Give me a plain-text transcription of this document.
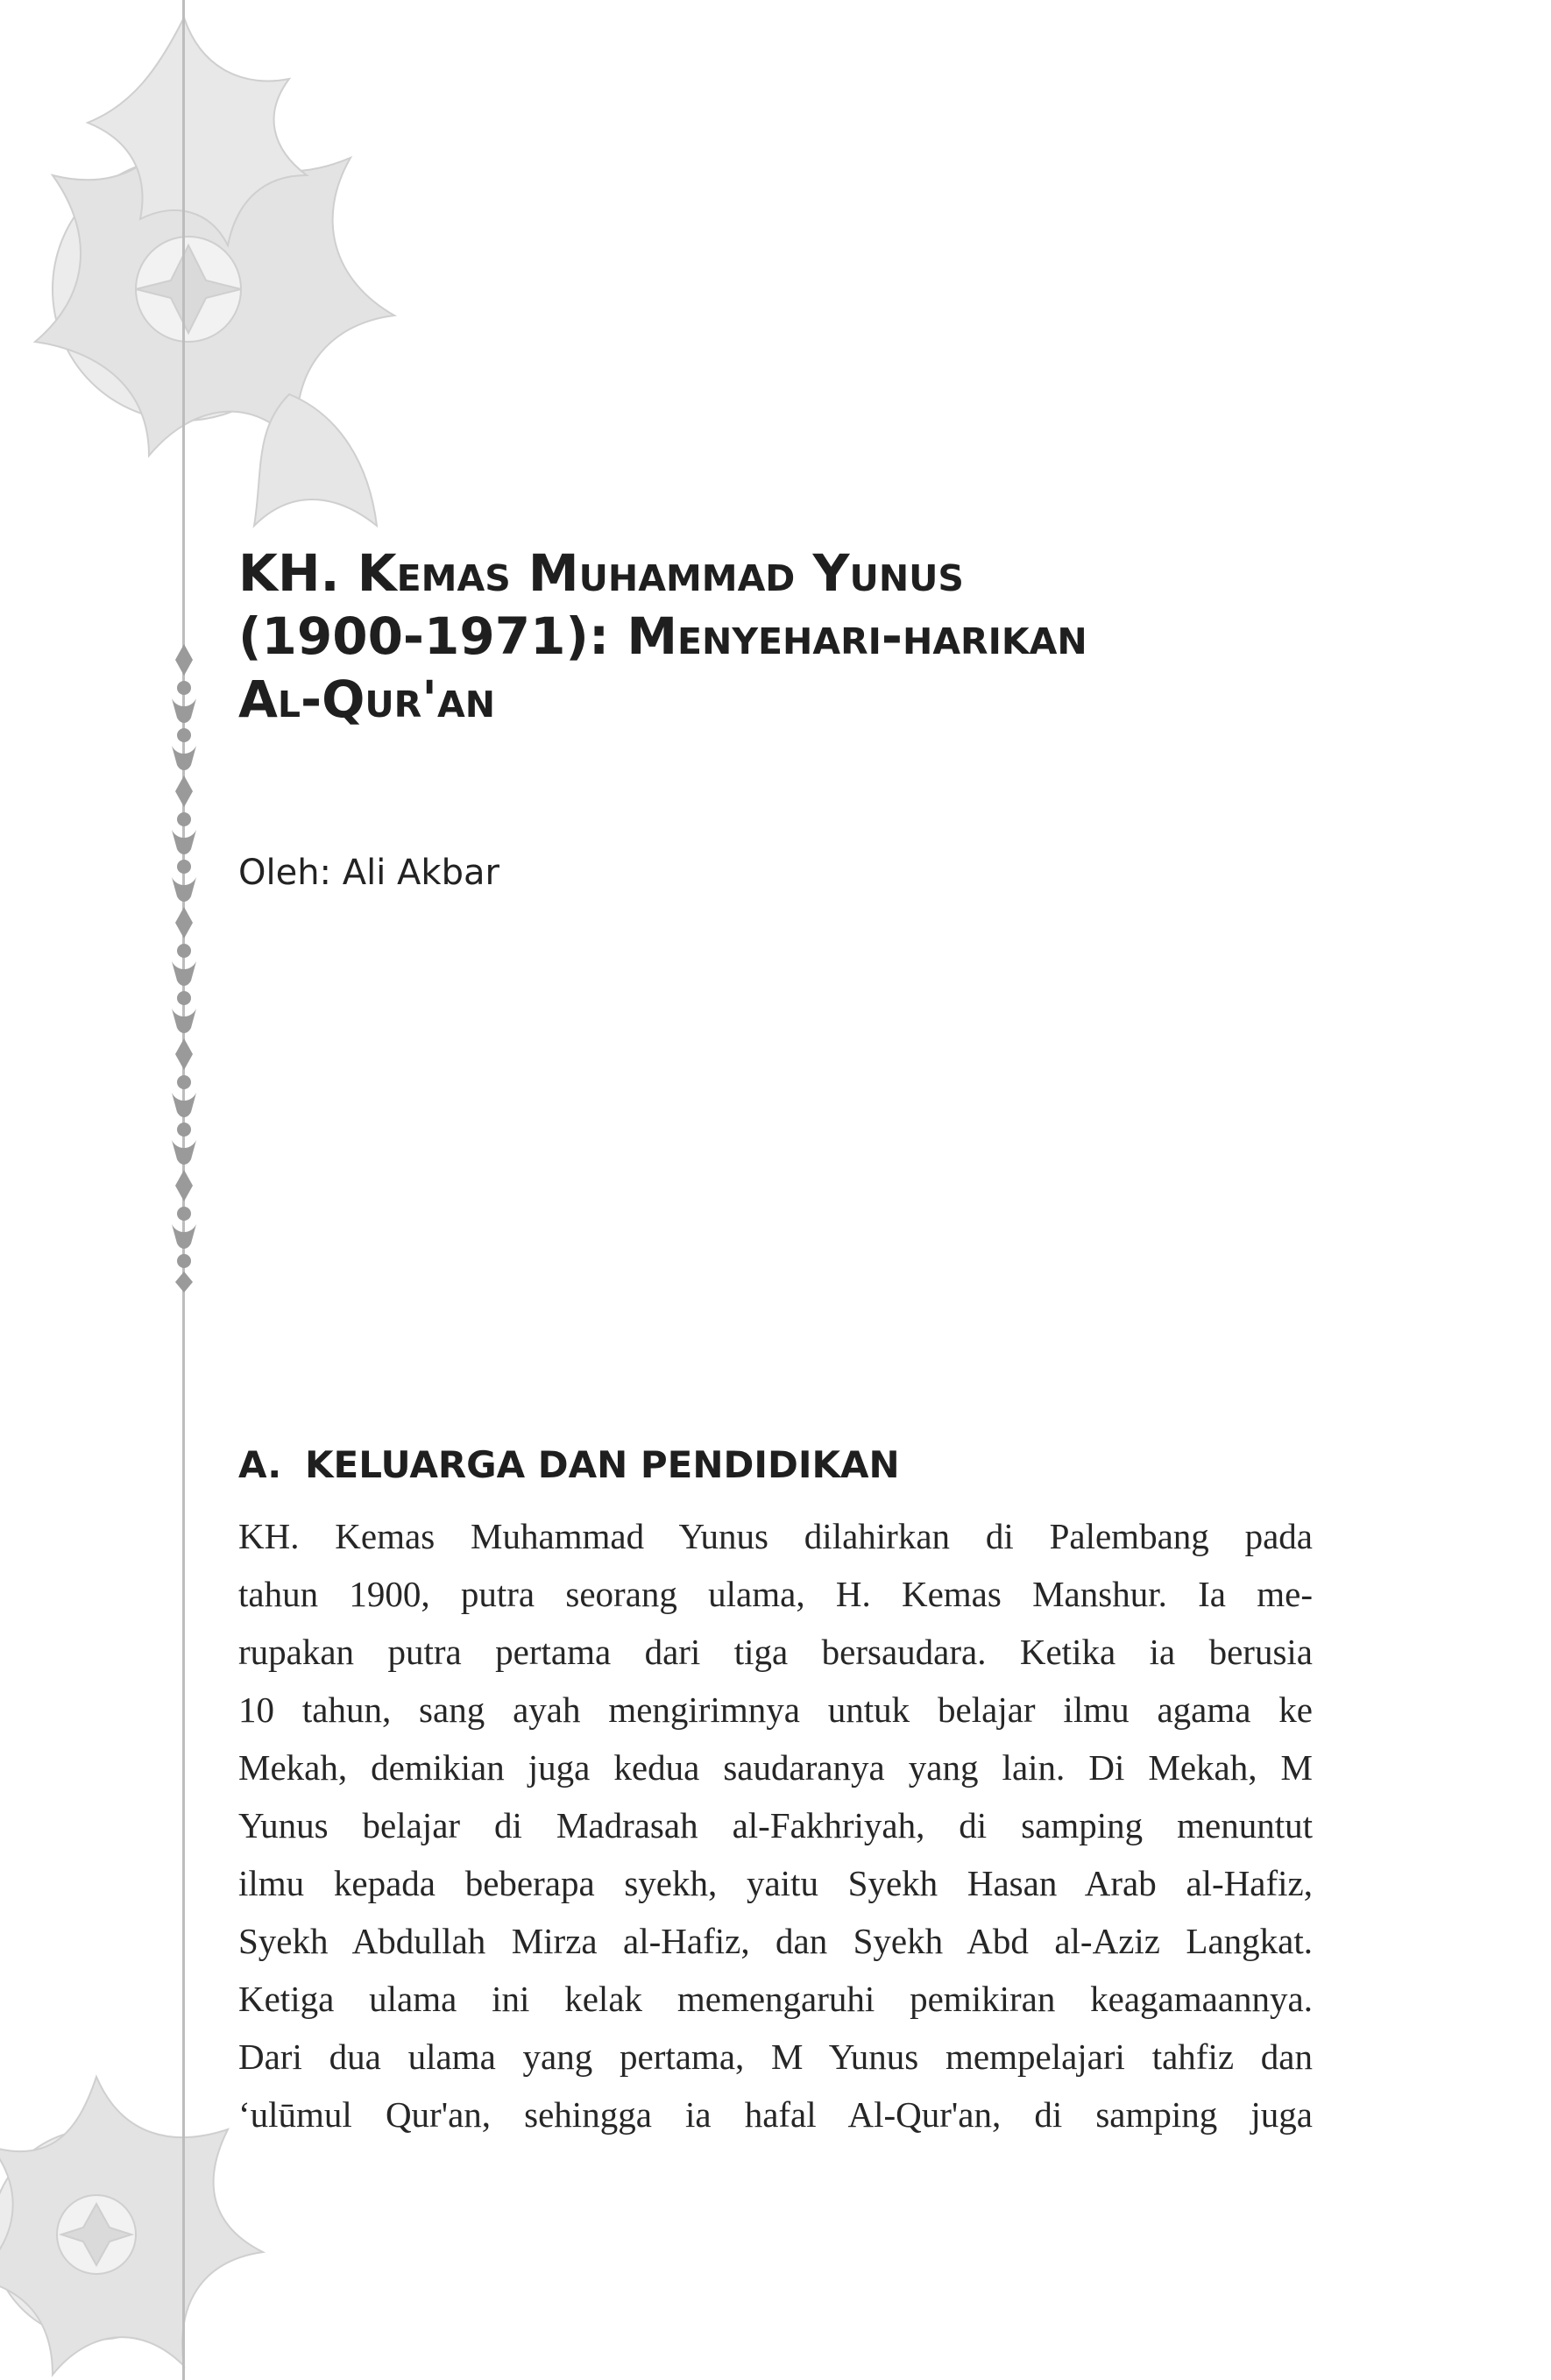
KH. Kemas Muhammad Yunus
(1900-1971): Menyehari-harikan
Al-Qur'an
Oleh: Ali Akbar
A. KELUARGA DAN PENDIDIKAN
KH. Kemas Muhammad Yunus dilahirkan di Palembang pada
tahun 1900, putra seorang ulama, H. Kemas Manshur. Ia me-
rupakan putra pertama dari tiga bersaudara. Ketika ia berusia
10 tahun, sang ayah mengirimnya untuk belajar ilmu agama ke
Mekah, demikian juga kedua saudaranya yang lain. Di Mekah, M
Yunus belajar di Madrasah al-Fakhriyah, di samping menuntut
ilmu kepada beberapa syekh, yaitu Syekh Hasan Arab al-Hafiz,
Syekh Abdullah Mirza al-Hafiz, dan Syekh Abd al-Aziz Langkat.
Ketiga ulama ini kelak memengaruhi pemikiran keagamaannya.
Dari dua ulama yang pertama, M Yunus mempelajari tahfiz dan
‘ulūmul Qur'an, sehingga ia hafal Al-Qur'an, di samping juga
